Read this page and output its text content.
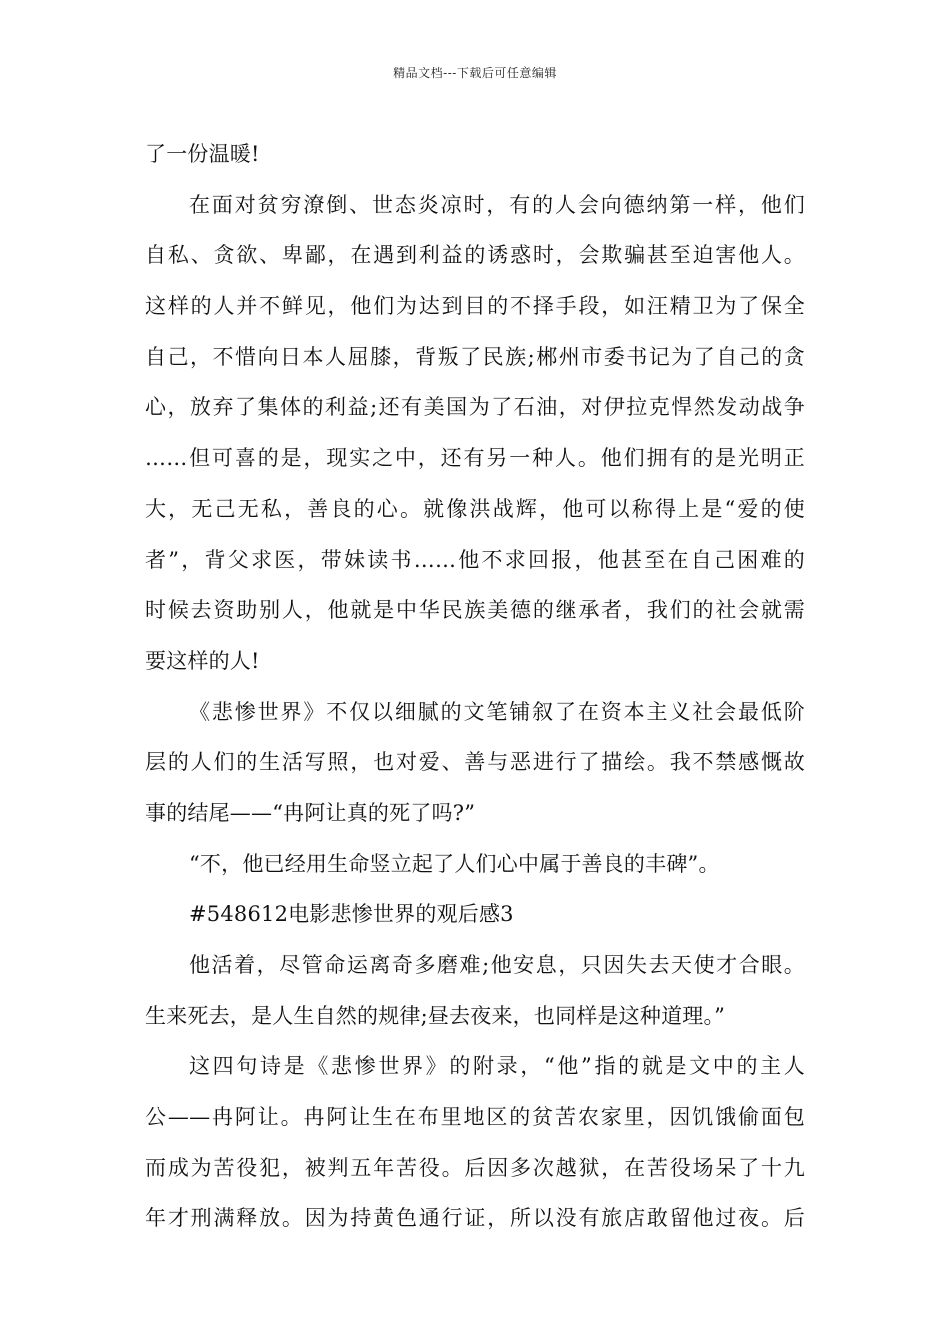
精品文档---下载后可任意编辑
了一份温暖!
在面对贫穷潦倒、世态炎凉时，有的人会向德纳第一样，他们
自私、贪欲、卑鄙，在遇到利益的诱惑时，会欺骗甚至迫害他人。
这样的人并不鲜见，他们为达到目的不择手段，如汪精卫为了保全
自己，不惜向日本人屈膝，背叛了民族;郴州市委书记为了自己的贪
心，放弃了集体的利益;还有美国为了石油，对伊拉克悍然发动战争
……但可喜的是，现实之中，还有另一种人。他们拥有的是光明正
大，无己无私，善良的心。就像洪战辉，他可以称得上是“爱的使
者”，背父求医，带妹读书……他不求回报，他甚至在自己困难的
时候去资助别人，他就是中华民族美德的继承者，我们的社会就需
要这样的人!
《悲惨世界》不仅以细腻的文笔铺叙了在资本主义社会最低阶
层的人们的生活写照，也对爱、善与恶进行了描绘。我不禁感慨故
事的结尾——“冉阿让真的死了吗?”
“不，他已经用生命竖立起了人们心中属于善良的丰碑”。
#548612电影悲惨世界的观后感3
他活着，尽管命运离奇多磨难;他安息，只因失去天使才合眼。
生来死去，是人生自然的规律;昼去夜来，也同样是这种道理。”
这四句诗是《悲惨世界》的附录，“他”指的就是文中的主人
公——冉阿让。冉阿让生在布里地区的贫苦农家里，因饥饿偷面包
而成为苦役犯，被判五年苦役。后因多次越狱，在苦役场呆了十九
年才刑满释放。因为持黄色通行证，所以没有旅店敢留他过夜。后
